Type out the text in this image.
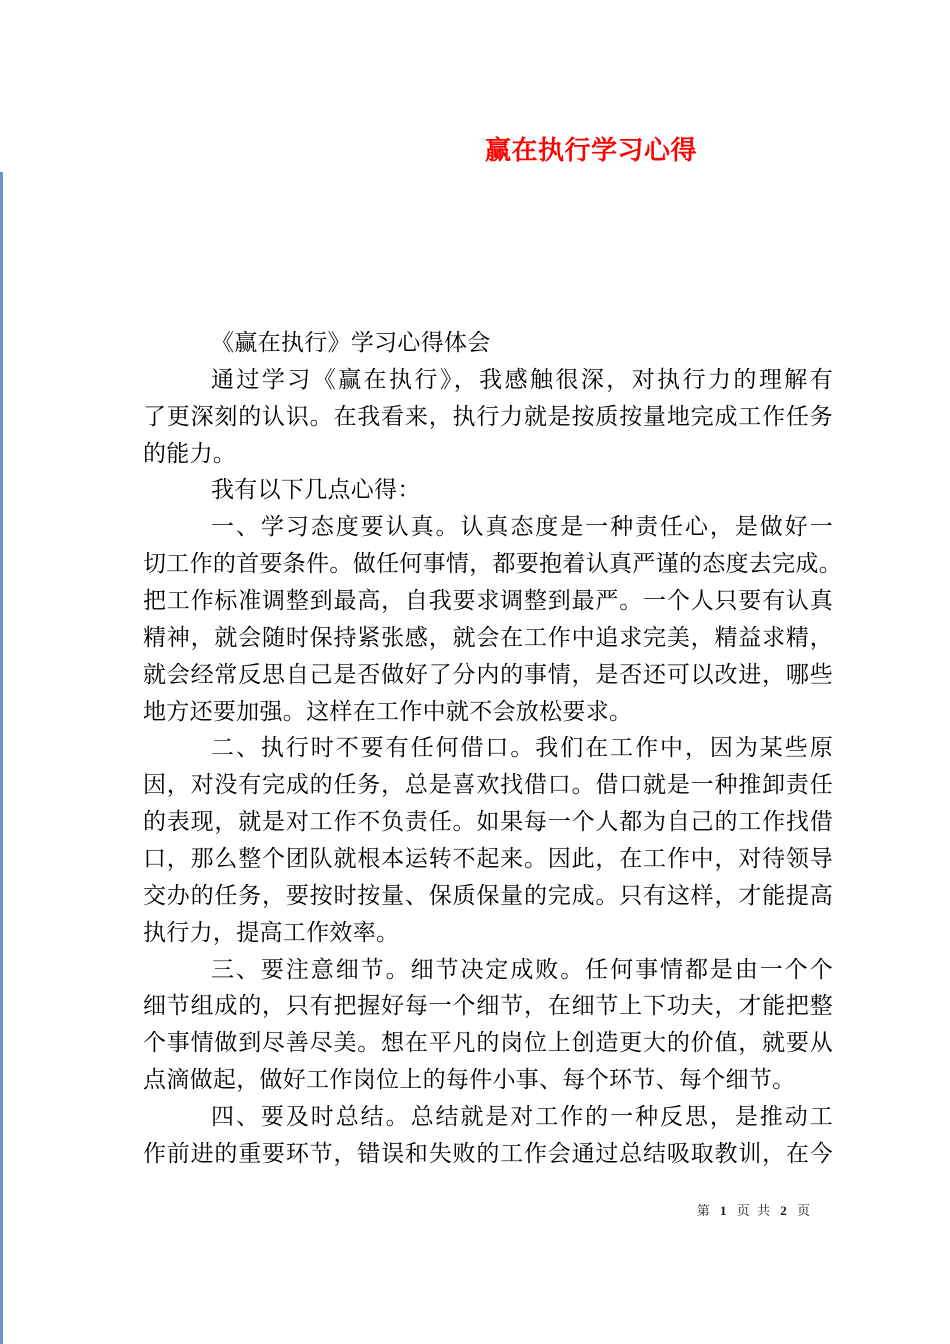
赢在执行学习心得
《赢在执行》学习心得体会
通过学习《赢在执行》，我感触很深，对执行力的理解有
了更深刻的认识。在我看来，执行力就是按质按量地完成工作任务
的能力。
我有以下几点心得：
一、学习态度要认真。认真态度是一种责任心，是做好一
切工作的首要条件。做任何事情，都要抱着认真严谨的态度去完成。
把工作标准调整到最高，自我要求调整到最严。一个人只要有认真
精神，就会随时保持紧张感，就会在工作中追求完美，精益求精，
就会经常反思自己是否做好了分内的事情，是否还可以改进，哪些
地方还要加强。这样在工作中就不会放松要求。
二、执行时不要有任何借口。我们在工作中，因为某些原
因，对没有完成的任务，总是喜欢找借口。借口就是一种推卸责任
的表现，就是对工作不负责任。如果每一个人都为自己的工作找借
口，那么整个团队就根本运转不起来。因此，在工作中，对待领导
交办的任务，要按时按量、保质保量的完成。只有这样，才能提高
执行力，提高工作效率。
三、要注意细节。细节决定成败。任何事情都是由一个个
细节组成的，只有把握好每一个细节，在细节上下功夫，才能把整
个事情做到尽善尽美。想在平凡的岗位上创造更大的价值，就要从
点滴做起，做好工作岗位上的每件小事、每个环节、每个细节。
四、要及时总结。总结就是对工作的一种反思，是推动工
作前进的重要环节，错误和失败的工作会通过总结吸取教训，在今
第 1 页 共 2 页
